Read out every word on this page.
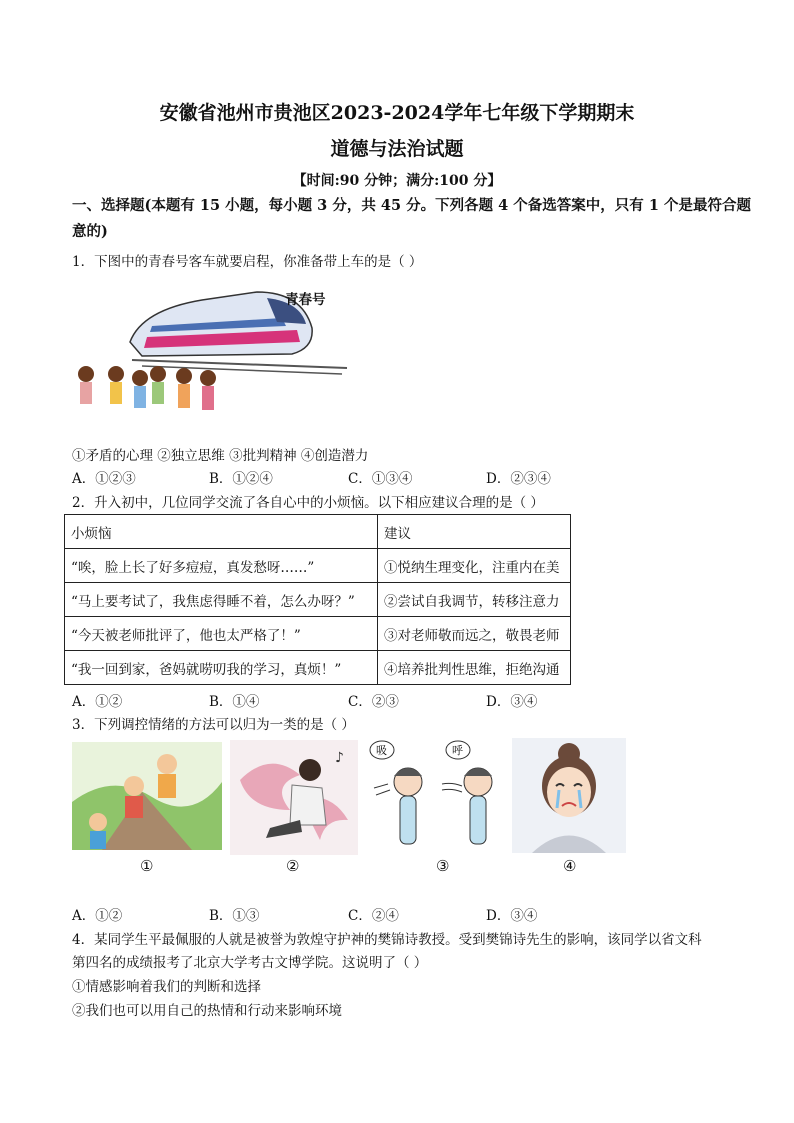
安徽省池州市贵池区2023-2024学年七年级下学期期末
道德与法治试题
【时间:90 分钟；满分:100 分】
一、选择题(本题有 15 小题，每小题 3 分，共 45 分。下列各题 4 个备选答案中，只有 1 个是最符合题意的)
1．下图中的青春号客车就要启程，你准备带上车的是（ ）
青春号
①矛盾的心理 ②独立思维 ③批判精神 ④创造潜力
A．①②③	B．①②④	C．①③④	D．②③④
2．升入初中，几位同学交流了各自心中的小烦恼。以下相应建议合理的是（ ）
小烦恼	建议
“唉，脸上长了好多痘痘，真发愁呀……”	①悦纳生理变化，注重内在美
“马上要考试了，我焦虑得睡不着，怎么办呀？”	②尝试自我调节，转移注意力
“今天被老师批评了，他也太严格了！”	③对老师敬而远之，敬畏老师
“我一回到家，爸妈就唠叨我的学习，真烦！”	④培养批判性思维，拒绝沟通
A．①②	B．①④	C．②③	D．③④
3．下列调控情绪的方法可以归为一类的是（ ）
♪	吸	呼
①	②	③	④
A．①②	B．①③	C．②④	D．③④
4．某同学生平最佩服的人就是被誉为敦煌守护神的樊锦诗教授。受到樊锦诗先生的影响，该同学以省文科
第四名的成绩报考了北京大学考古文博学院。这说明了（ ）
①情感影响着我们的判断和选择
②我们也可以用自己的热情和行动来影响环境
